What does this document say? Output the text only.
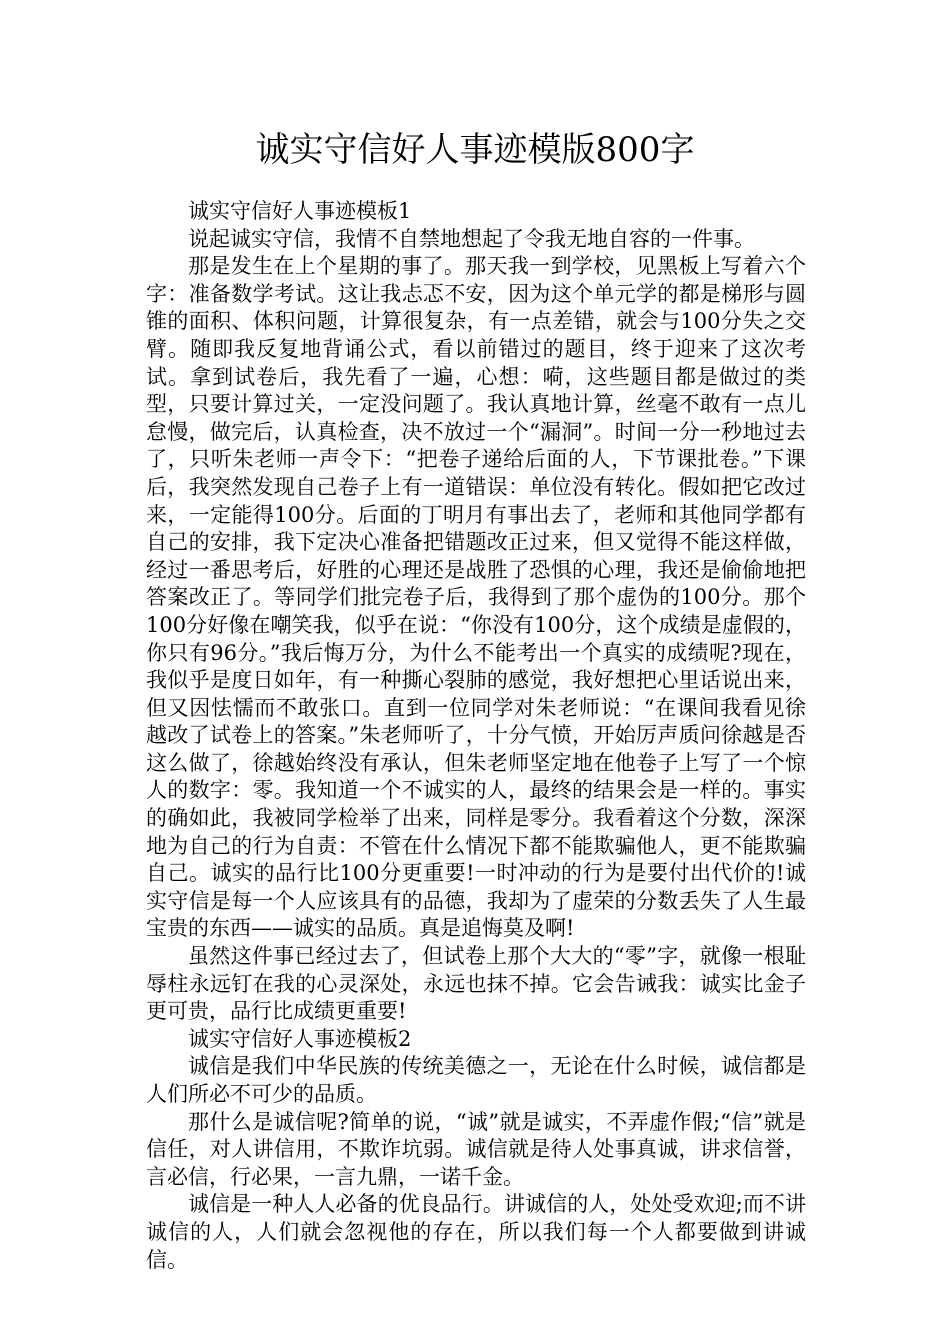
诚实守信好人事迹模版800字

诚实守信好人事迹模板1

说起诚实守信，我情不自禁地想起了令我无地自容的一件事。

那是发生在上个星期的事了。那天我一到学校，见黑板上写着六个字：准备数学考试。这让我忐忑不安，因为这个单元学的都是梯形与圆锥的面积、体积问题，计算很复杂，有一点差错，就会与100分失之交臂。随即我反复地背诵公式，看以前错过的题目，终于迎来了这次考试。拿到试卷后，我先看了一遍，心想：嗬，这些题目都是做过的类型，只要计算过关，一定没问题了。我认真地计算，丝毫不敢有一点儿怠慢，做完后，认真检查，决不放过一个“漏洞”。时间一分一秒地过去了，只听朱老师一声令下：“把卷子递给后面的人，下节课批卷。”下课后，我突然发现自己卷子上有一道错误：单位没有转化。假如把它改过来，一定能得100分。后面的丁明月有事出去了，老师和其他同学都有自己的安排，我下定决心准备把错题改正过来，但又觉得不能这样做，经过一番思考后，好胜的心理还是战胜了恐惧的心理，我还是偷偷地把答案改正了。等同学们批完卷子后，我得到了那个虚伪的100分。那个100分好像在嘲笑我，似乎在说：“你没有100分，这个成绩是虚假的，你只有96分。”我后悔万分，为什么不能考出一个真实的成绩呢?现在，我似乎是度日如年，有一种撕心裂肺的感觉，我好想把心里话说出来，但又因怯懦而不敢张口。直到一位同学对朱老师说：“在课间我看见徐越改了试卷上的答案。”朱老师听了，十分气愤，开始厉声质问徐越是否这么做了，徐越始终没有承认，但朱老师坚定地在他卷子上写了一个惊人的数字：零。我知道一个不诚实的人，最终的结果会是一样的。事实的确如此，我被同学检举了出来，同样是零分。我看着这个分数，深深地为自己的行为自责：不管在什么情况下都不能欺骗他人，更不能欺骗自己。诚实的品行比100分更重要!一时冲动的行为是要付出代价的!诚实守信是每一个人应该具有的品德，我却为了虚荣的分数丢失了人生最宝贵的东西——诚实的品质。真是追悔莫及啊!

虽然这件事已经过去了，但试卷上那个大大的“零”字，就像一根耻辱柱永远钉在我的心灵深处，永远也抹不掉。它会告诫我：诚实比金子更可贵，品行比成绩更重要!

诚实守信好人事迹模板2

诚信是我们中华民族的传统美德之一，无论在什么时候，诚信都是人们所必不可少的品质。

那什么是诚信呢?简单的说，“诚”就是诚实，不弄虚作假;“信”就是信任，对人讲信用，不欺诈坑弱。诚信就是待人处事真诚，讲求信誉，言必信，行必果，一言九鼎，一诺千金。

诚信是一种人人必备的优良品行。讲诚信的人，处处受欢迎;而不讲诚信的人，人们就会忽视他的存在，所以我们每一个人都要做到讲诚信。
